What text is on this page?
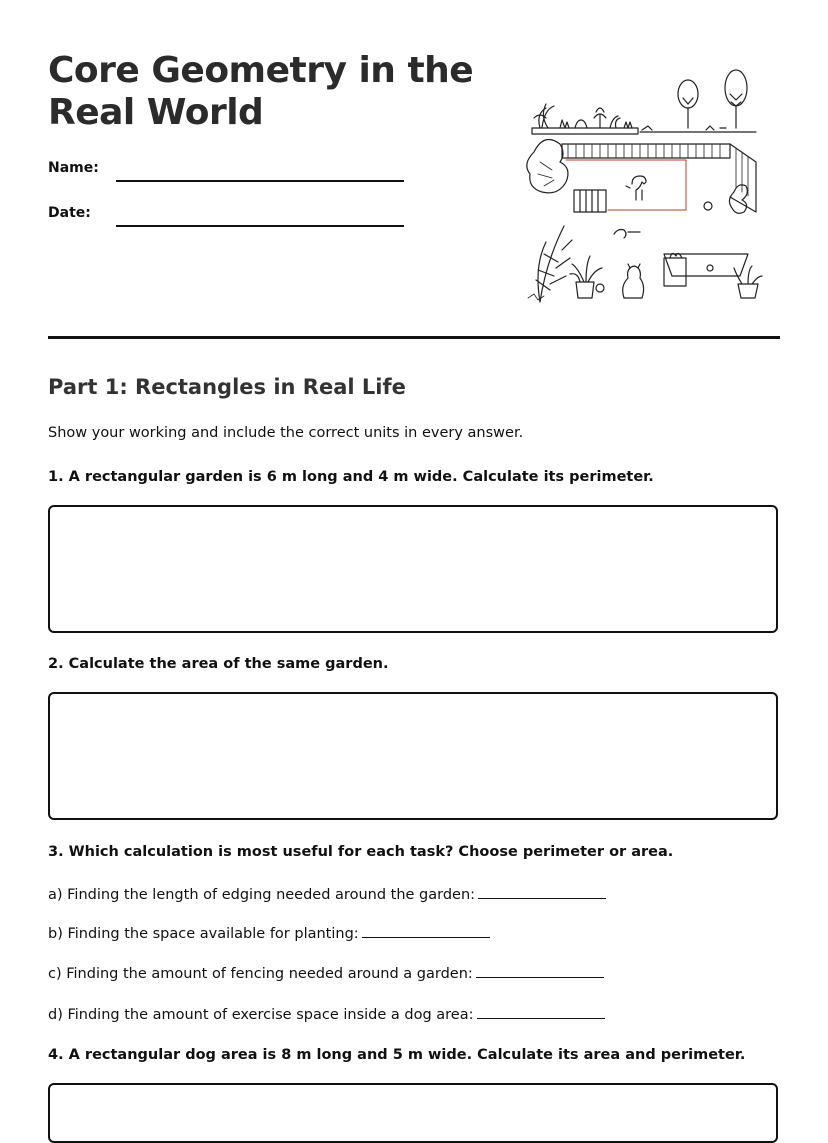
Core Geometry in the
Real World
Name:
Date:
Part 1: Rectangles in Real Life
Show your working and include the correct units in every answer.
1. A rectangular garden is 6 m long and 4 m wide. Calculate its perimeter.
2. Calculate the area of the same garden.
3. Which calculation is most useful for each task? Choose perimeter or area.
a) Finding the length of edging needed around the garden:
b) Finding the space available for planting:
c) Finding the amount of fencing needed around a garden:
d) Finding the amount of exercise space inside a dog area:
4. A rectangular dog area is 8 m long and 5 m wide. Calculate its area and perimeter.
